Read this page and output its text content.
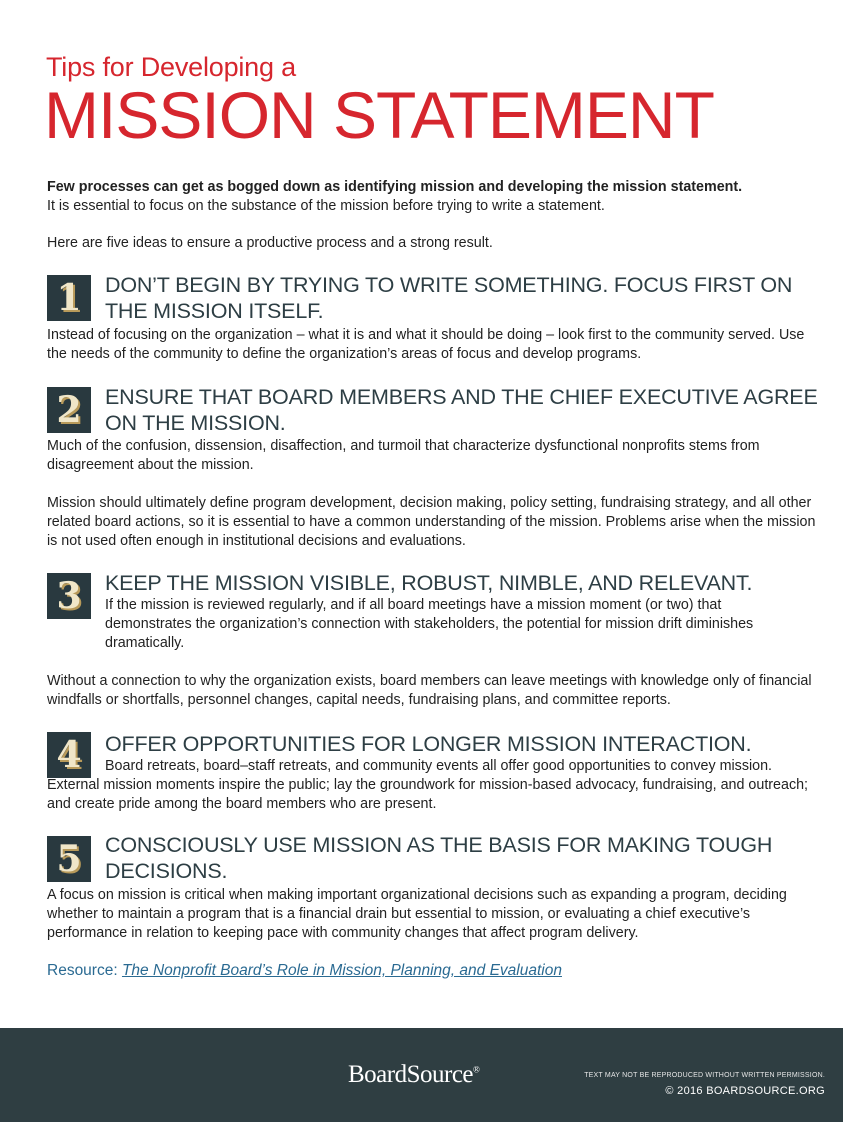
Tips for Developing a
MISSION STATEMENT
Few processes can get as bogged down as identifying mission and developing the mission statement.
It is essential to focus on the substance of the mission before trying to write a statement.
Here are five ideas to ensure a productive process and a strong result.
1	DON’T BEGIN BY TRYING TO WRITE SOMETHING. FOCUS FIRST ON THE MISSION ITSELF.
Instead of focusing on the organization – what it is and what it should be doing – look first to the community served. Use the needs of the community to define the organization’s areas of focus and develop programs.
2	ENSURE THAT BOARD MEMBERS AND THE CHIEF EXECUTIVE AGREE ON THE MISSION.
Much of the confusion, dissension, disaffection, and turmoil that characterize dysfunctional nonprofits stems from disagreement about the mission.
Mission should ultimately define program development, decision making, policy setting, fundraising strategy, and all other related board actions, so it is essential to have a common understanding of the mission. Problems arise when the mission is not used often enough in institutional decisions and evaluations.
3	KEEP THE MISSION VISIBLE, ROBUST, NIMBLE, AND RELEVANT.
If the mission is reviewed regularly, and if all board meetings have a mission moment (or two) that demonstrates the organization’s connection with stakeholders, the potential for mission drift diminishes dramatically.
Without a connection to why the organization exists, board members can leave meetings with knowledge only of financial windfalls or shortfalls, personnel changes, capital needs, fundraising plans, and committee reports.
4	OFFER OPPORTUNITIES FOR LONGER MISSION INTERACTION.
Board retreats, board–staff retreats, and community events all offer good opportunities to convey mission. External mission moments inspire the public; lay the groundwork for mission-based advocacy, fundraising, and outreach; and create pride among the board members who are present.
5	CONSCIOUSLY USE MISSION AS THE BASIS FOR MAKING TOUGH DECISIONS.
A focus on mission is critical when making important organizational decisions such as expanding a program, deciding whether to maintain a program that is a financial drain but essential to mission, or evaluating a chief executive’s performance in relation to keeping pace with community changes that affect program delivery.
Resource: The Nonprofit Board’s Role in Mission, Planning, and Evaluation
BoardSource®
TEXT MAY NOT BE REPRODUCED WITHOUT WRITTEN PERMISSION.
© 2016 BOARDSOURCE.ORG
